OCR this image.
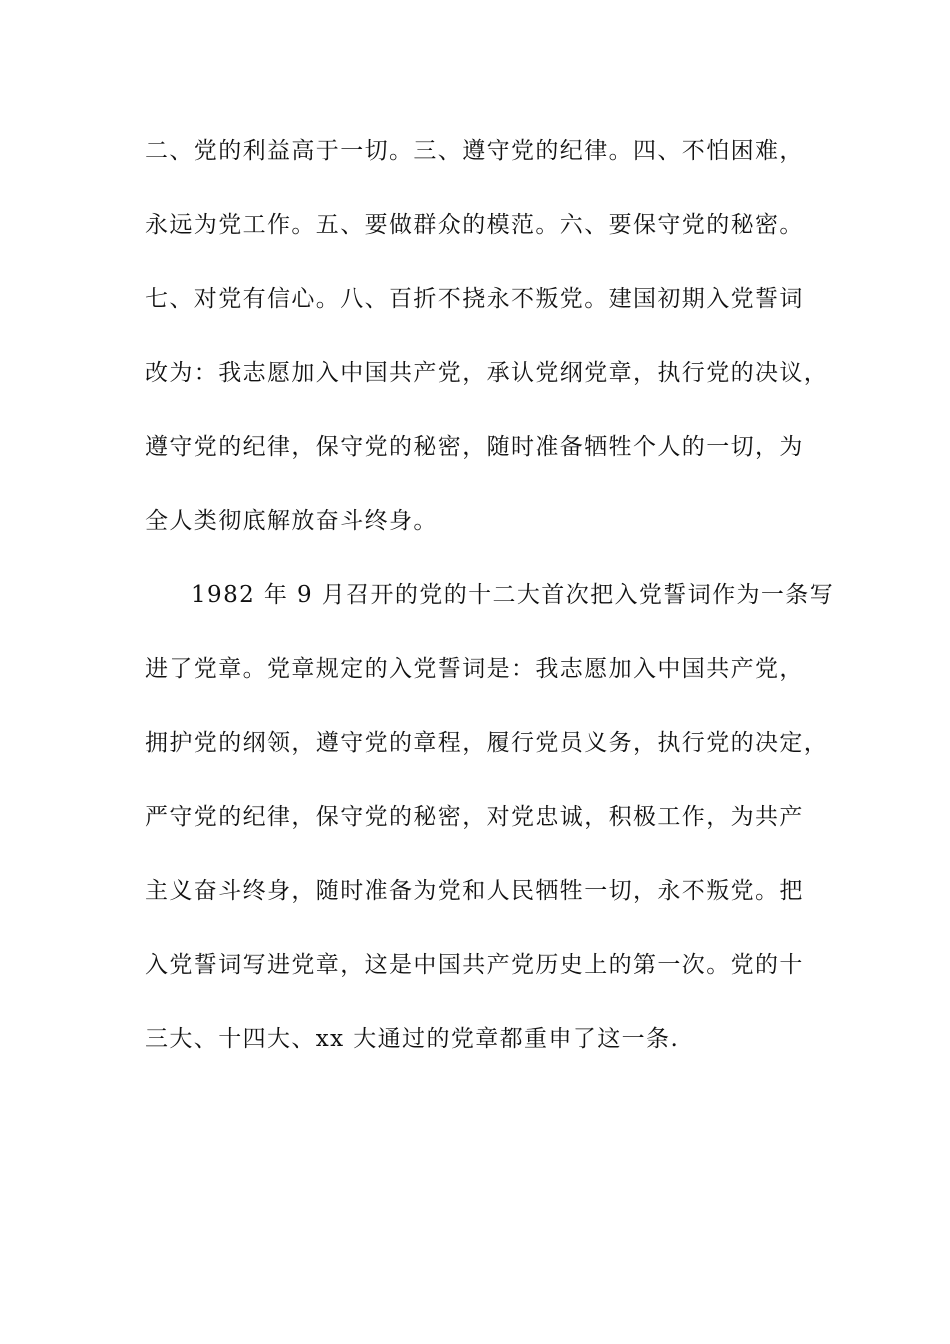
二、党的利益高于一切。三、遵守党的纪律。四、不怕困难，
永远为党工作。五、要做群众的模范。六、要保守党的秘密。
七、对党有信心。八、百折不挠永不叛党。建国初期入党誓词
改为：我志愿加入中国共产党，承认党纲党章，执行党的决议，
遵守党的纪律，保守党的秘密，随时准备牺牲个人的一切，为
全人类彻底解放奋斗终身。
1982 年 9 月召开的党的十二大首次把入党誓词作为一条写
进了党章。党章规定的入党誓词是：我志愿加入中国共产党，
拥护党的纲领，遵守党的章程，履行党员义务，执行党的决定，
严守党的纪律，保守党的秘密，对党忠诚，积极工作，为共产
主义奋斗终身，随时准备为党和人民牺牲一切，永不叛党。把
入党誓词写进党章，这是中国共产党历史上的第一次。党的十
三大、十四大、xx 大通过的党章都重申了这一条.
